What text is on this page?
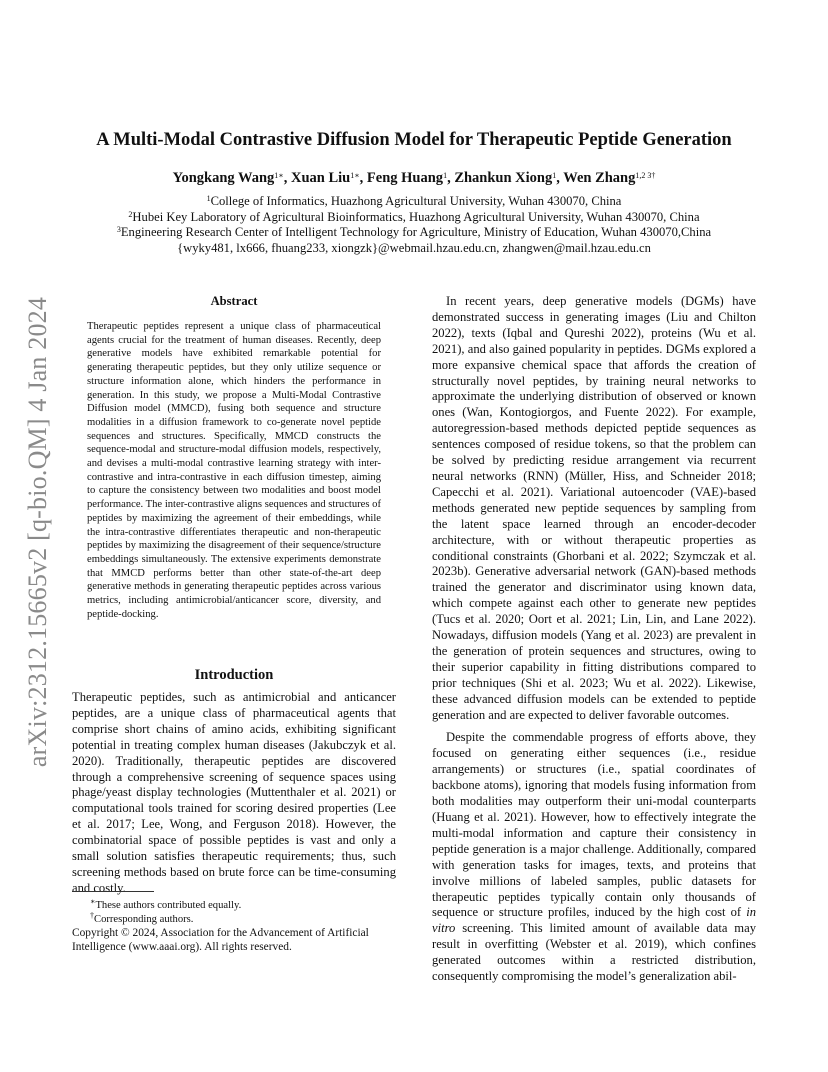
arXiv:2312.15665v2 [q-bio.QM] 4 Jan 2024
A Multi-Modal Contrastive Diffusion Model for Therapeutic Peptide Generation
Yongkang Wang$^{1∗}$, Xuan Liu$^{1∗}$, Feng Huang$^1$, Zhankun Xiong$^1$, Wen Zhang$^{1,2 3\dagger}$
$^1$College of Informatics, Huazhong Agricultural University, Wuhan 430070, China
$^2$Hubei Key Laboratory of Agricultural Bioinformatics, Huazhong Agricultural University, Wuhan 430070, China
$^3$Engineering Research Center of Intelligent Technology for Agriculture, Ministry of Education, Wuhan 430070,China
{wyky481, lx666, fhuang233, xiongzk}@webmail.hzau.edu.cn, zhangwen@mail.hzau.edu.cn
Abstract
Therapeutic peptides represent a unique class of pharmaceutical agents crucial for the treatment of human diseases. Recently, deep generative models have exhibited remarkable potential for generating therapeutic peptides, but they only utilize sequence or structure information alone, which hinders the performance in generation. In this study, we propose a Multi-Modal Contrastive Diffusion model (MMCD), fusing both sequence and structure modalities in a diffusion framework to co-generate novel peptide sequences and structures. Specifically, MMCD constructs the sequence-modal and structure-modal diffusion models, respectively, and devises a multi-modal contrastive learning strategy with inter-contrastive and intra-contrastive in each diffusion timestep, aiming to capture the consistency between two modalities and boost model performance. The inter-contrastive aligns sequences and structures of peptides by maximizing the agreement of their embeddings, while the intra-contrastive differentiates therapeutic and non-therapeutic peptides by maximizing the disagreement of their sequence/structure embeddings simultaneously. The extensive experiments demonstrate that MMCD performs better than other state-of-the-art deep generative methods in generating therapeutic peptides across various metrics, including antimicrobial/anticancer score, diversity, and peptide-docking.
Introduction
Therapeutic peptides, such as antimicrobial and anticancer peptides, are a unique class of pharmaceutical agents that comprise short chains of amino acids, exhibiting significant potential in treating complex human diseases (Jakubczyk et al. 2020). Traditionally, therapeutic peptides are discovered through a comprehensive screening of sequence spaces using phage/yeast display technologies (Muttenthaler et al. 2021) or computational tools trained for scoring desired properties (Lee et al. 2017; Lee, Wong, and Ferguson 2018). However, the combinatorial space of possible peptides is vast and only a small solution satisfies therapeutic requirements; thus, such screening methods based on brute force can be time-consuming and costly.
∗These authors contributed equally.
†Corresponding authors.
Copyright © 2024, Association for the Advancement of Artificial Intelligence (www.aaai.org). All rights reserved.

In recent years, deep generative models (DGMs) have demonstrated success in generating images (Liu and Chilton 2022), texts (Iqbal and Qureshi 2022), proteins (Wu et al. 2021), and also gained popularity in peptides. DGMs explored a more expansive chemical space that affords the creation of structurally novel peptides, by training neural networks to approximate the underlying distribution of observed or known ones (Wan, Kontogiorgos, and Fuente 2022). For example, autoregression-based methods depicted peptide sequences as sentences composed of residue tokens, so that the problem can be solved by predicting residue arrangement via recurrent neural networks (RNN) (Müller, Hiss, and Schneider 2018; Capecchi et al. 2021). Variational autoencoder (VAE)-based methods generated new peptide sequences by sampling from the latent space learned through an encoder-decoder architecture, with or without therapeutic properties as conditional constraints (Ghorbani et al. 2022; Szymczak et al. 2023b). Generative adversarial network (GAN)-based methods trained the generator and discriminator using known data, which compete against each other to generate new peptides (Tucs et al. 2020; Oort et al. 2021; Lin, Lin, and Lane 2022). Nowadays, diffusion models (Yang et al. 2023) are prevalent in the generation of protein sequences and structures, owing to their superior capability in fitting distributions compared to prior techniques (Shi et al. 2023; Wu et al. 2022). Likewise, these advanced diffusion models can be extended to peptide generation and are expected to deliver favorable outcomes.

Despite the commendable progress of efforts above, they focused on generating either sequences (i.e., residue arrangements) or structures (i.e., spatial coordinates of backbone atoms), ignoring that models fusing information from both modalities may outperform their uni-modal counterparts (Huang et al. 2021). However, how to effectively integrate the multi-modal information and capture their consistency in peptide generation is a major challenge. Additionally, compared with generation tasks for images, texts, and proteins that involve millions of labeled samples, public datasets for therapeutic peptides typically contain only thousands of sequence or structure profiles, induced by the high cost of in vitro screening. This limited amount of available data may result in overfitting (Webster et al. 2019), which confines generated outcomes within a restricted distribution, consequently compromising the model’s generalization abil-
